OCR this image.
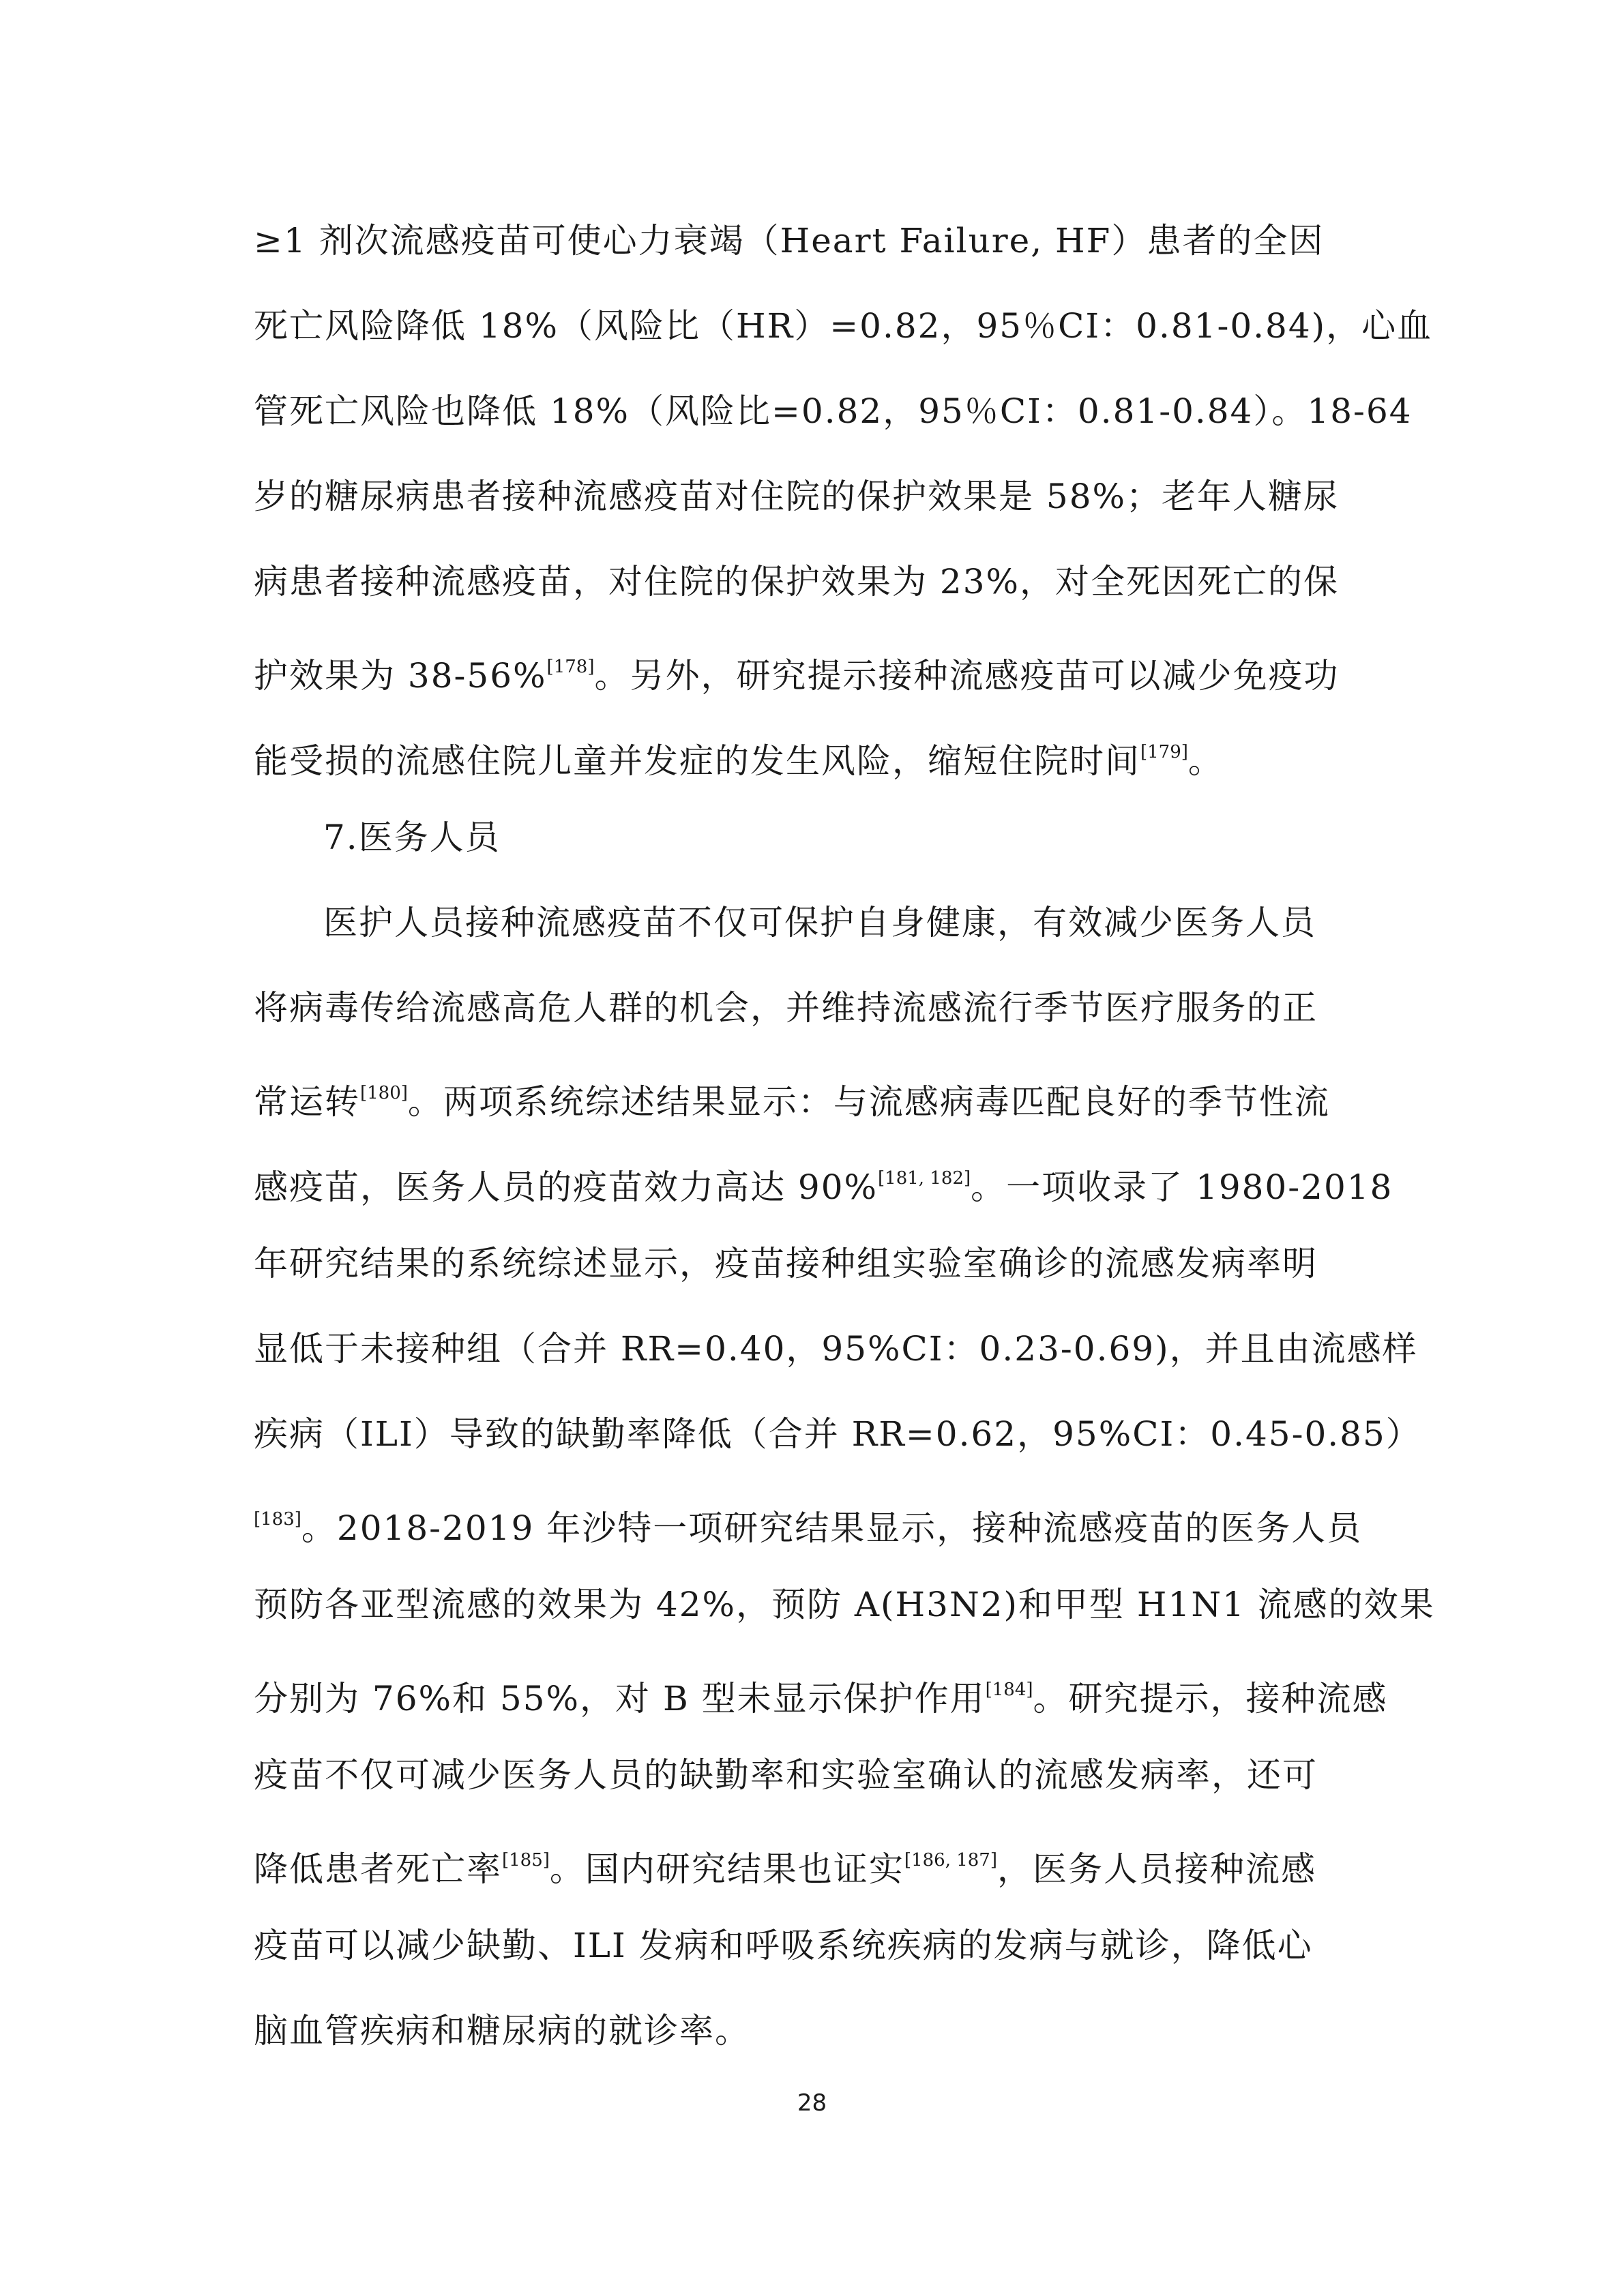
≥1 剂次流感疫苗可使心力衰竭（Heart Failure, HF）患者的全因
死亡风险降低 18%（风险比（HR）=0.82，95％CI：0.81-0.84)，心血
管死亡风险也降低 18%（风险比=0.82，95％CI：0.81-0.84）。18-64
岁的糖尿病患者接种流感疫苗对住院的保护效果是 58%；老年人糖尿
病患者接种流感疫苗，对住院的保护效果为 23%，对全死因死亡的保
护效果为 38-56%[178]。另外，研究提示接种流感疫苗可以减少免疫功
能受损的流感住院儿童并发症的发生风险，缩短住院时间[179]。
7.医务人员
医护人员接种流感疫苗不仅可保护自身健康，有效减少医务人员
将病毒传给流感高危人群的机会，并维持流感流行季节医疗服务的正
常运转[180]。两项系统综述结果显示：与流感病毒匹配良好的季节性流
感疫苗，医务人员的疫苗效力高达 90%[181, 182]。一项收录了 1980-2018
年研究结果的系统综述显示，疫苗接种组实验室确诊的流感发病率明
显低于未接种组（合并 RR=0.40，95%CI：0.23-0.69)，并且由流感样
疾病（ILI）导致的缺勤率降低（合并 RR=0.62，95%CI：0.45-0.85）
[183]。2018-2019 年沙特一项研究结果显示，接种流感疫苗的医务人员
预防各亚型流感的效果为 42%，预防 A(H3N2)和甲型 H1N1 流感的效果
分别为 76%和 55%，对 B 型未显示保护作用[184]。研究提示，接种流感
疫苗不仅可减少医务人员的缺勤率和实验室确认的流感发病率，还可
降低患者死亡率[185]。国内研究结果也证实[186, 187]，医务人员接种流感
疫苗可以减少缺勤、ILI 发病和呼吸系统疾病的发病与就诊，降低心
脑血管疾病和糖尿病的就诊率。
28
